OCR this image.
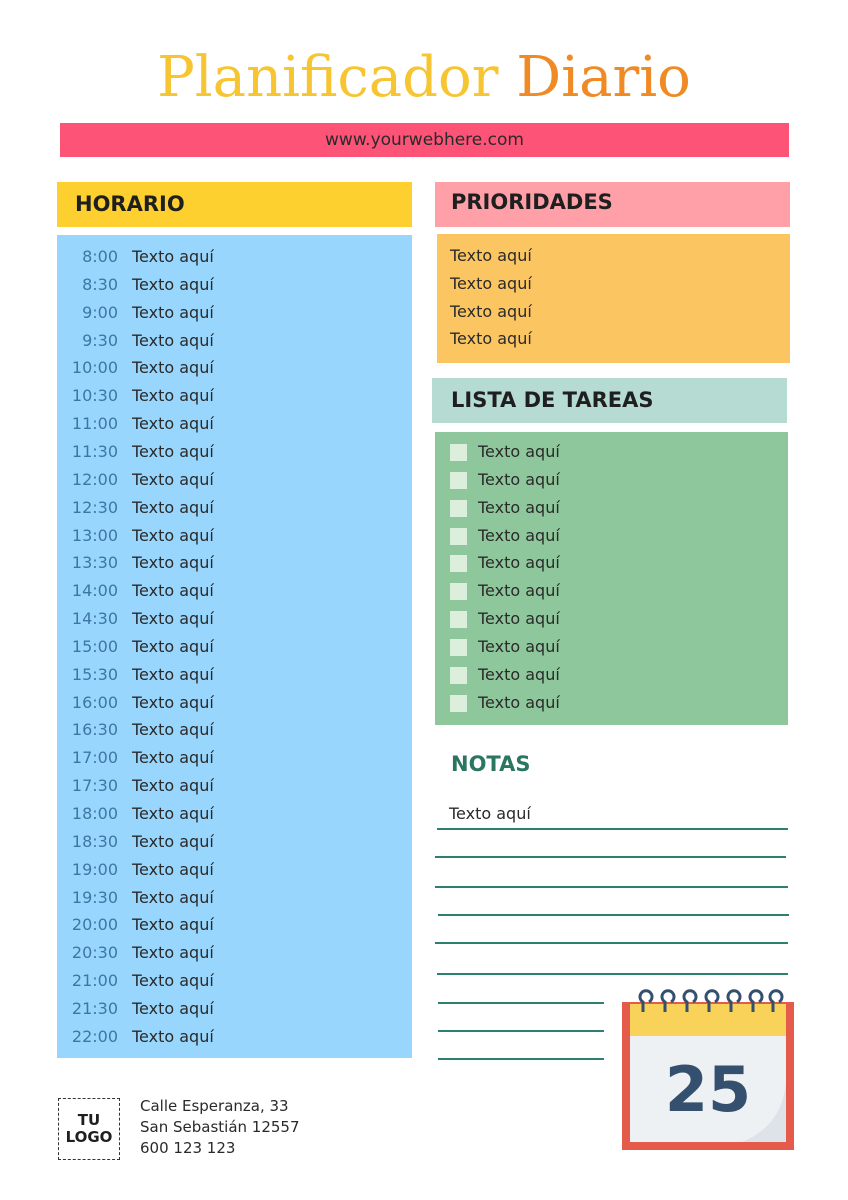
Planificador Diario
www.yourwebhere.com
HORARIO
8:00 Texto aquí
8:30 Texto aquí
9:00 Texto aquí
9:30 Texto aquí
10:00 Texto aquí
10:30 Texto aquí
11:00 Texto aquí
11:30 Texto aquí
12:00 Texto aquí
12:30 Texto aquí
13:00 Texto aquí
13:30 Texto aquí
14:00 Texto aquí
14:30 Texto aquí
15:00 Texto aquí
15:30 Texto aquí
16:00 Texto aquí
16:30 Texto aquí
17:00 Texto aquí
17:30 Texto aquí
18:00 Texto aquí
18:30 Texto aquí
19:00 Texto aquí
19:30 Texto aquí
20:00 Texto aquí
20:30 Texto aquí
21:00 Texto aquí
21:30 Texto aquí
22:00 Texto aquí
PRIORIDADES
Texto aquí
Texto aquí
Texto aquí
Texto aquí
LISTA DE TAREAS
Texto aquí
Texto aquí
Texto aquí
Texto aquí
Texto aquí
Texto aquí
Texto aquí
Texto aquí
Texto aquí
Texto aquí
NOTAS
Texto aquí
25
TU
LOGO
Calle Esperanza, 33
San Sebastián 12557
600 123 123
